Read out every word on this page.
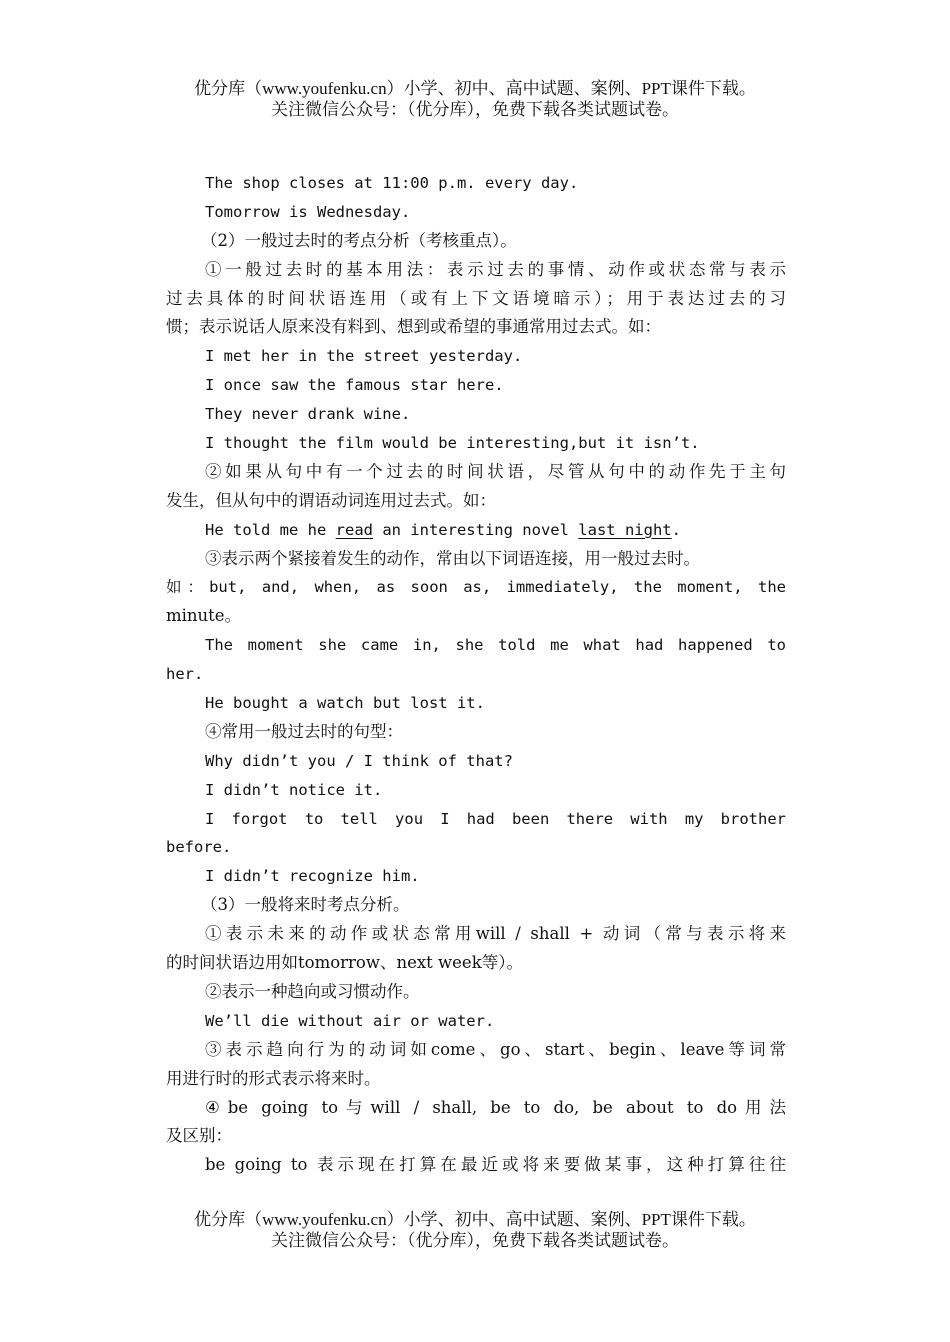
优分库（www.youfenku.cn）小学、初中、高中试题、案例、PPT课件下载。
关注微信公众号：（优分库），免费下载各类试题试卷。
The shop closes at 11:00 p.m. every day.
Tomorrow is Wednesday.
（2）一般过去时的考点分析（考核重点）。
①一般过去时的基本用法：表示过去的事情、动作或状态常与表示
过去具体的时间状语连用（或有上下文语境暗示）；用于表达过去的习
惯；表示说话人原来没有料到、想到或希望的事通常用过去式。如：
I met her in the street yesterday.
I once saw the famous star here.
They never drank wine.
I thought the film would be interesting,but it isn’t.
②如果从句中有一个过去的时间状语，尽管从句中的动作先于主句
发生，但从句中的谓语动词连用过去式。如：
He told me he read an interesting novel last night.
③表示两个紧接着发生的动作，常由以下词语连接，用一般过去时。
如：but, and, when, as soon as, immediately, the moment, the
minute。
The moment she came in, she told me what had happened to
her.
He bought a watch but lost it.
④常用一般过去时的句型：
Why didn’t you / I think of that?
I didn’t notice it.
I forgot to tell you I had been there with my brother
before.
I didn’t recognize him.
（3）一般将来时考点分析。
①表示未来的动作或状态常用will / shall + 动词（常与表示将来
的时间状语边用如tomorrow、next week等）。
②表示一种趋向或习惯动作。
We’ll die without air or water.
③表示趋向行为的动词如come、go、start、begin、leave等词常
用进行时的形式表示将来时。
④be going to与will / shall, be to do, be about to do用法
及区别：
be going to 表示现在打算在最近或将来要做某事，这种打算往往
优分库（www.youfenku.cn）小学、初中、高中试题、案例、PPT课件下载。
关注微信公众号：（优分库），免费下载各类试题试卷。
